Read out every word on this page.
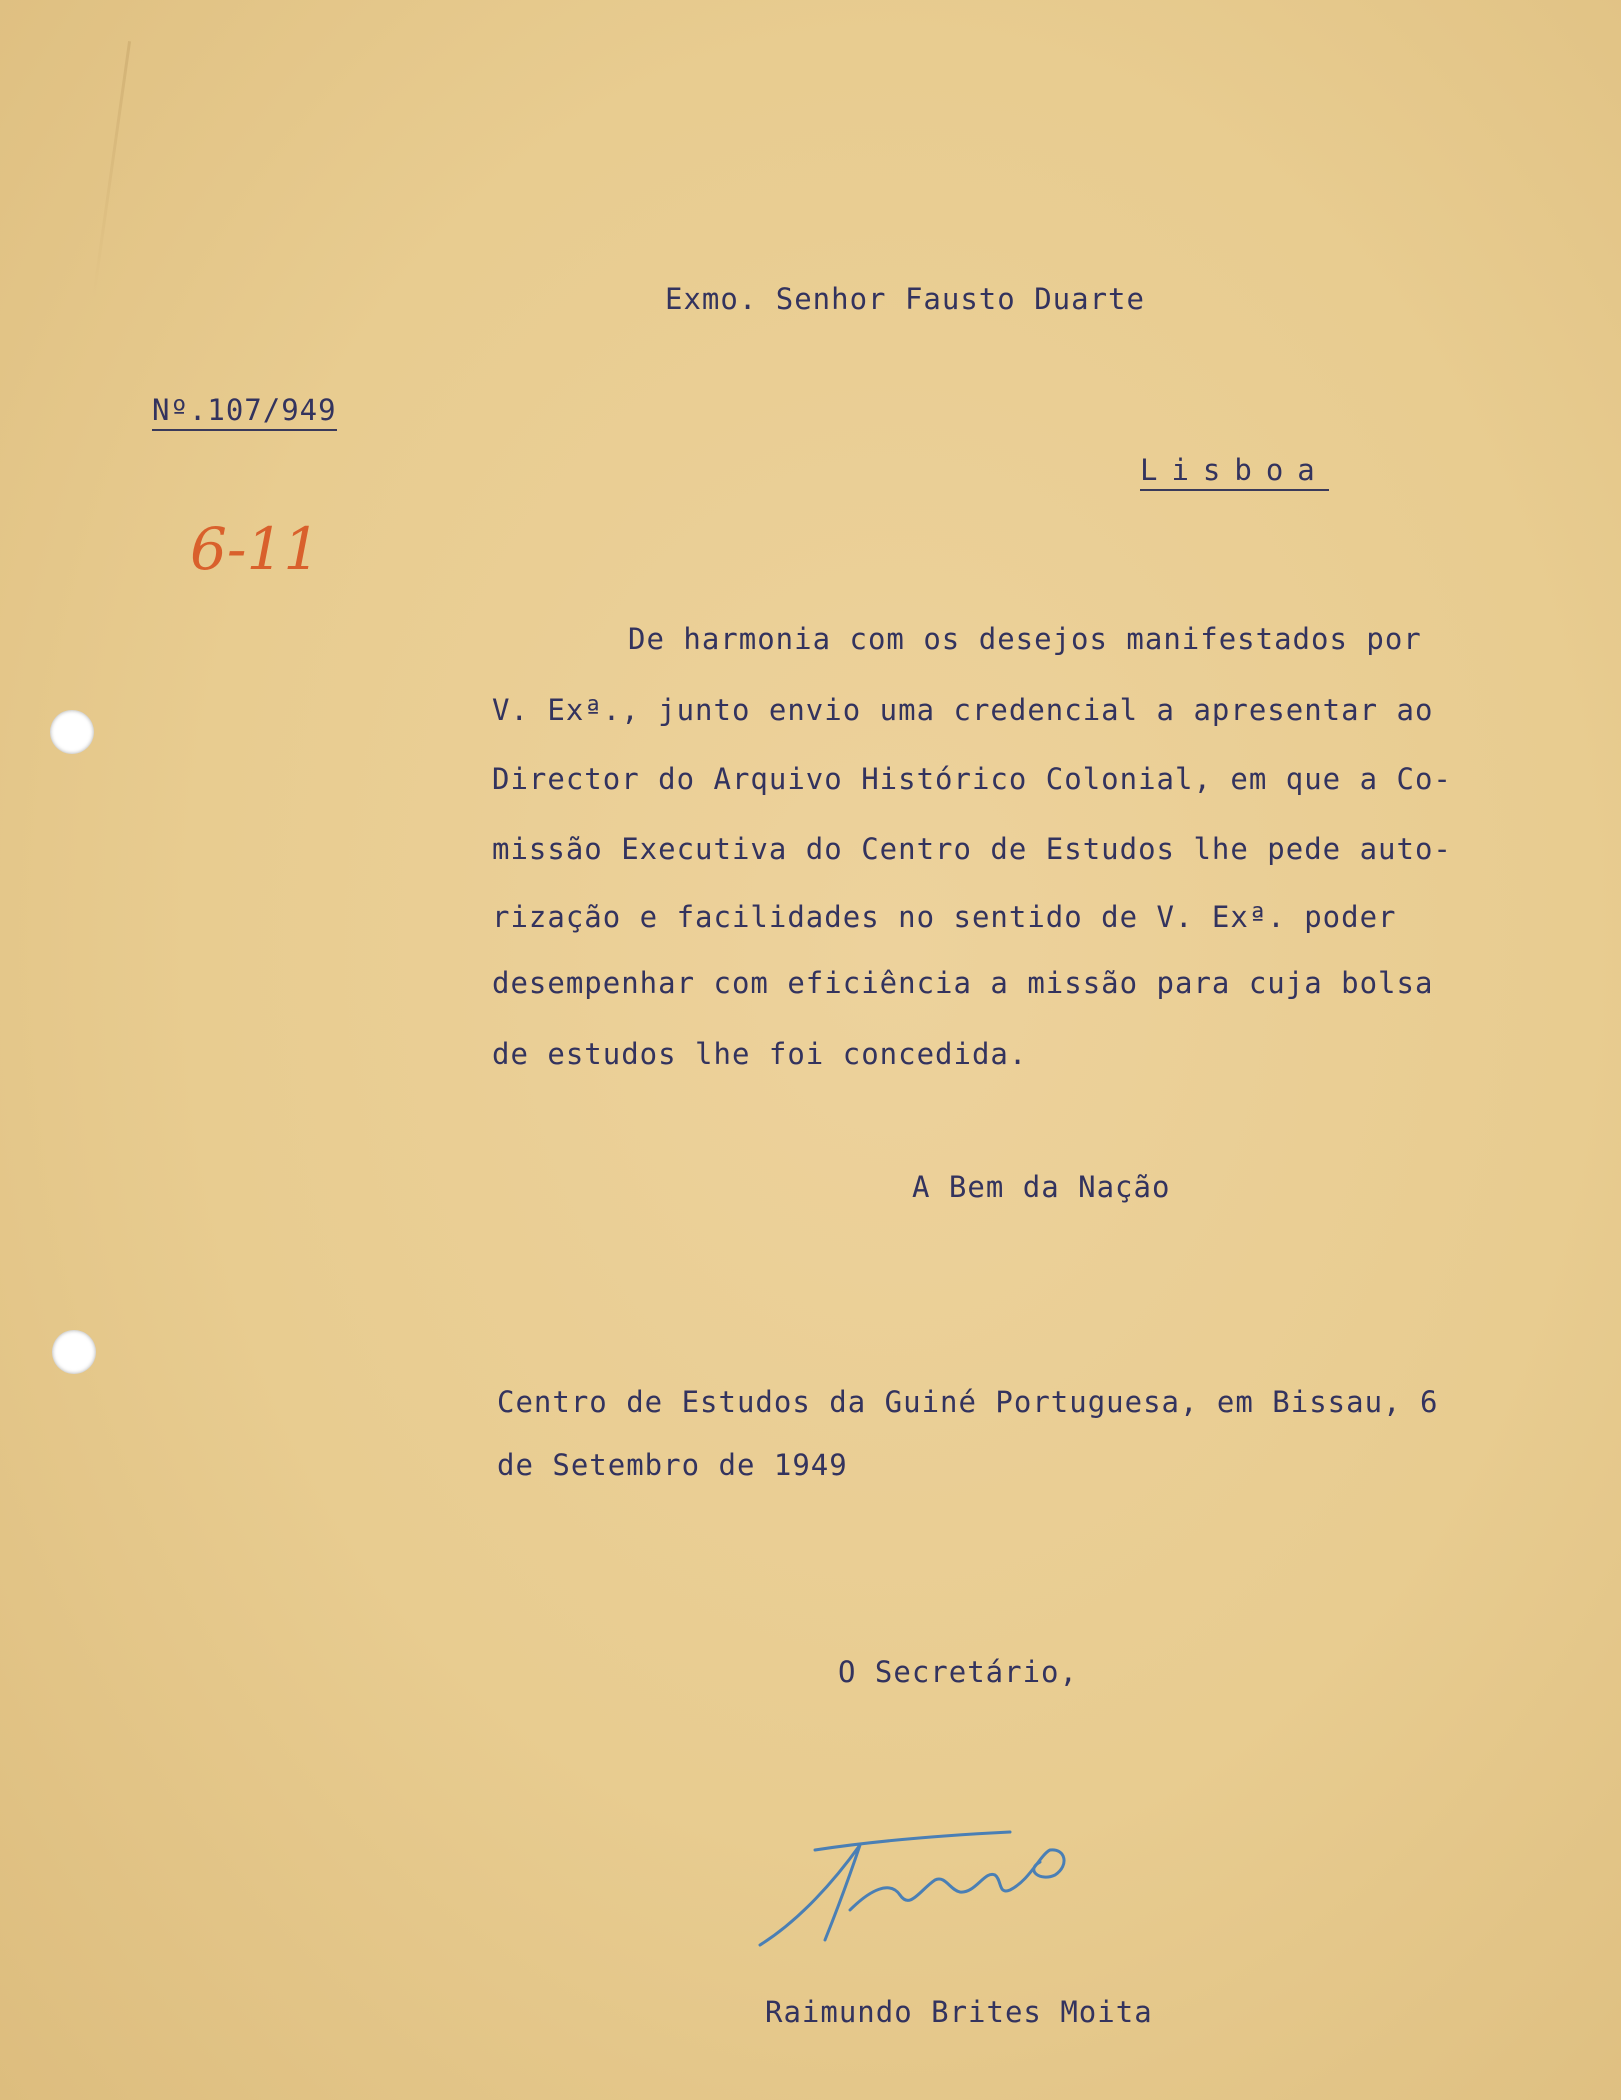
Exmo. Senhor Fausto Duarte
Nº.107/949
Lisboa
6-11
De harmonia com os desejos manifestados por
V. Exª., junto envio uma credencial a apresentar ao
Director do Arquivo Histórico Colonial, em que a Co-
missão Executiva do Centro de Estudos lhe pede auto-
rização e facilidades no sentido de V. Exª. poder
desempenhar com eficiência a missão para cuja bolsa
de estudos lhe foi concedida.
A Bem da Nação
Centro de Estudos da Guiné Portuguesa, em Bissau, 6
de Setembro de 1949
O Secretário,
Raimundo Brites Moita
